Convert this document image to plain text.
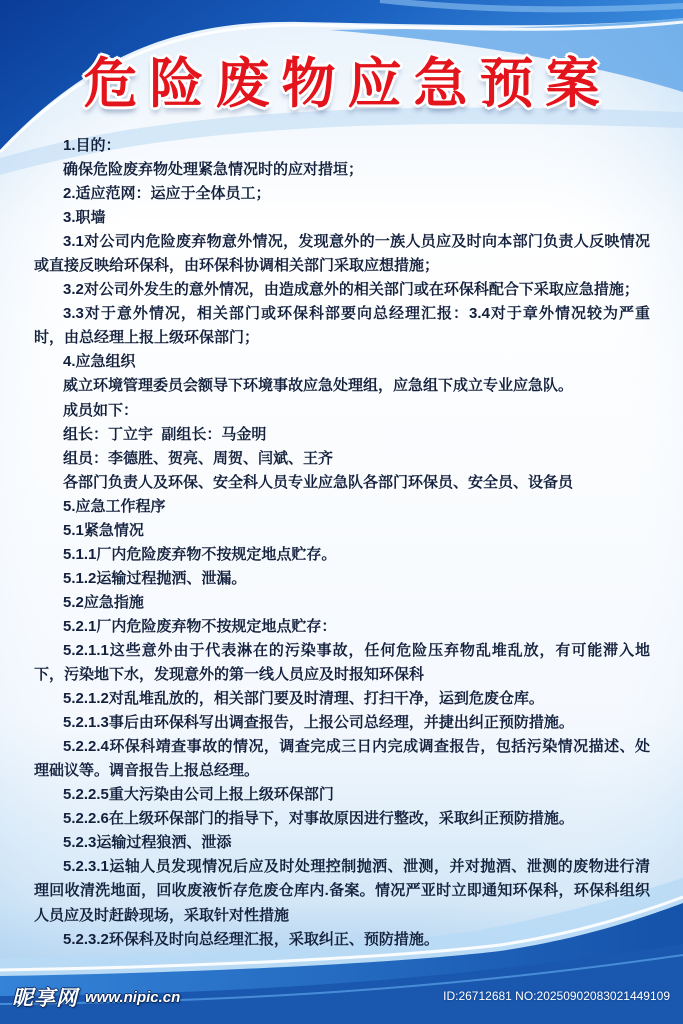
危险废物应急预案
1.目的：
确保危险废弃物处理紧急情况时的应对措垣；
2.适应范网：运应于全体员工；
3.职墙
3.1对公司内危险废弃物意外情况，发现意外的一族人员应及时向本部门负责人反映情况
或直接反映给环保科，由环保科协调相关部门采取应想措施；
3.2对公司外发生的意外情况，由造成意外的相关部门或在环保科配合下采取应急措施；
3.3对于意外情况，相关部门或环保科部要向总经理汇报：3.4对于章外情况较为严重
时，由总经理上报上级环保部门；
4.应急组织
威立环境管理委员会额导下环境事故应急处理组，应急组下成立专业应急队。
成员如下：
组长：丁立宇  副组长：马金明
组员：李德胜、贺亮、周贺、闫斌、王齐
各部门负责人及环保、安全科人员专业应急队各部门环保员、安全员、设备员
5.应急工作程序
5.1紧急情况
5.1.1厂内危险废弃物不按规定地点贮存。
5.1.2运输过程抛洒、泄漏。
5.2应急指施
5.2.1厂内危险废弃物不按规定地点贮存：
5.2.1.1这些意外由于代表淋在的污染事故，任何危险压弃物乱堆乱放，有可能滞入地
下，污染地下水，发现意外的第一线人员应及时报知环保科
5.2.1.2对乱堆乱放的，相关部门要及时清理、打扫干净，运到危废仓库。
5.2.1.3事后由环保科写出调查报告，上报公司总经理，并捷出纠正预防措施。
5.2.2.4环保科靖查事故的情况，调查完成三日内完成调查报告，包括污染情况描述、处
理础议等。调音报告上报总经理。
5.2.2.5重大污染由公司上报上级环保部门
5.2.2.6在上级环保部门的指导下，对事故原因进行整改，采取纠正预防措施。
5.2.3运输过程狼洒、泄添
5.2.3.1运轴人员发现情况后应及时处理控制抛洒、泄测，并对抛酒、泄测的废物进行清
理回收清洗地面，回收废液忻存危废仓库内.备案。情况严亚时立即通知环保科，环保科组织
人员应及时赶龄现场，采取针对性措施
5.2.3.2环保科及时向总经理汇报，采取纠正、预防措施。
昵享网 www.nipic.cn	ID:26712681 NO:20250902083021449109
